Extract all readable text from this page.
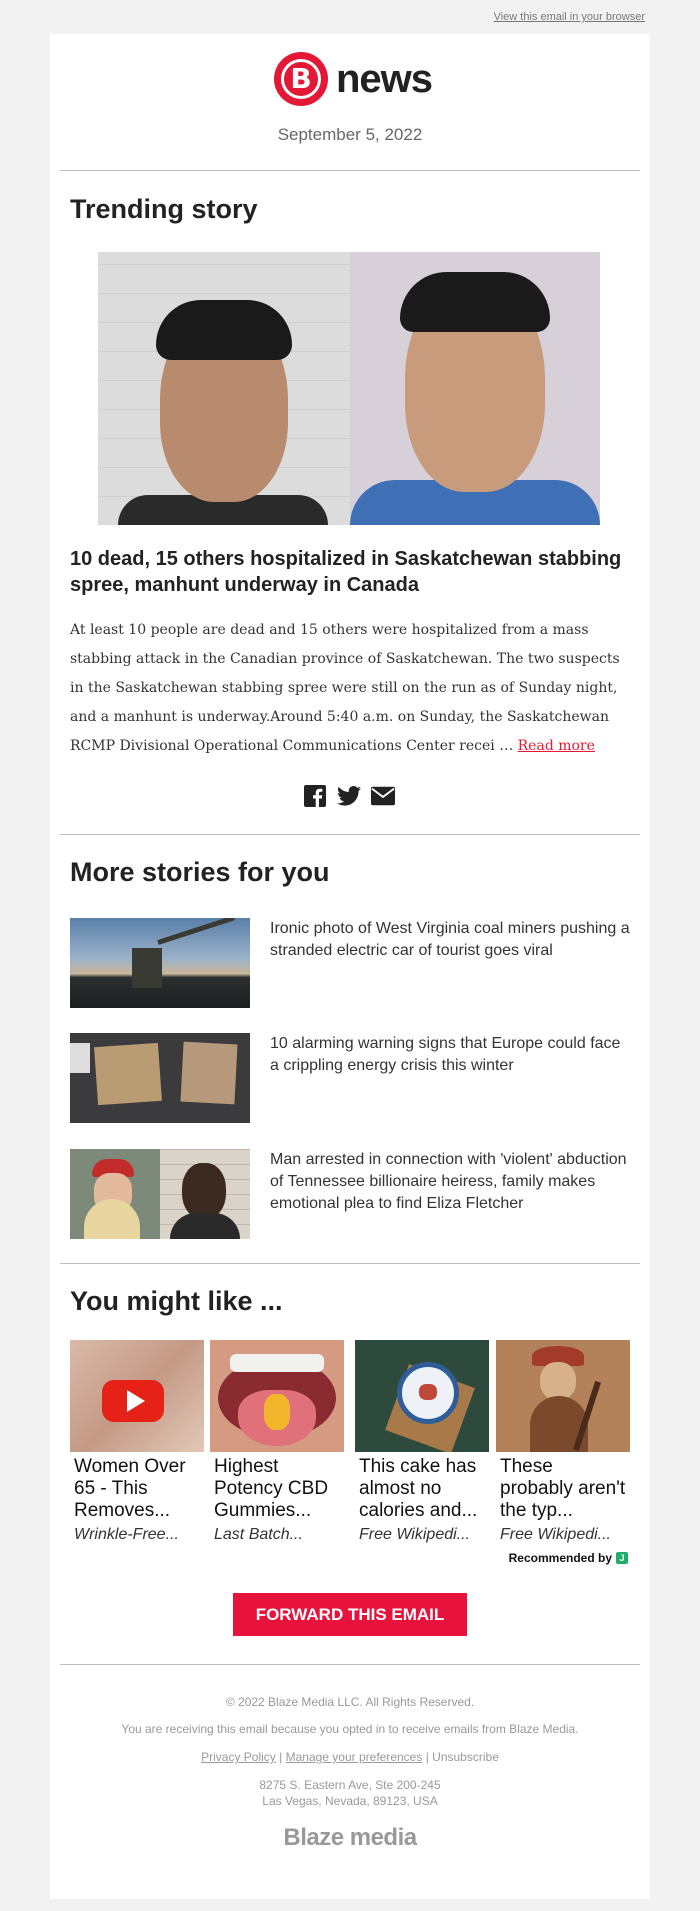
View this email in your browser
B news
September 5, 2022
Trending story
10 dead, 15 others hospitalized in Saskatchewan stabbing spree, manhunt underway in Canada
At least 10 people are dead and 15 others were hospitalized from a mass stabbing attack in the Canadian province of Saskatchewan. The two suspects in the Saskatchewan stabbing spree were still on the run as of Sunday night, and a manhunt is underway.Around 5:40 a.m. on Sunday, the Saskatchewan RCMP Divisional Operational Communications Center recei … Read more
More stories for you
Ironic photo of West Virginia coal miners pushing a stranded electric car of tourist goes viral
10 alarming warning signs that Europe could face a crippling energy crisis this winter
Man arrested in connection with 'violent' abduction of Tennessee billionaire heiress, family makes emotional plea to find Eliza Fletcher
You might like ...
Women Over 65 - This Removes...
Wrinkle-Free...
Highest Potency CBD Gummies...
Last Batch...
This cake has almost no calories and...
Free Wikipedi...
These probably aren't the typ...
Free Wikipedi...
Recommended by J
FORWARD THIS EMAIL
© 2022 Blaze Media LLC. All Rights Reserved.
You are receiving this email because you opted in to receive emails from Blaze Media.
Privacy Policy | Manage your preferences | Unsubscribe
8275 S. Eastern Ave, Ste 200-245
Las Vegas, Nevada, 89123, USA
Blaze media
